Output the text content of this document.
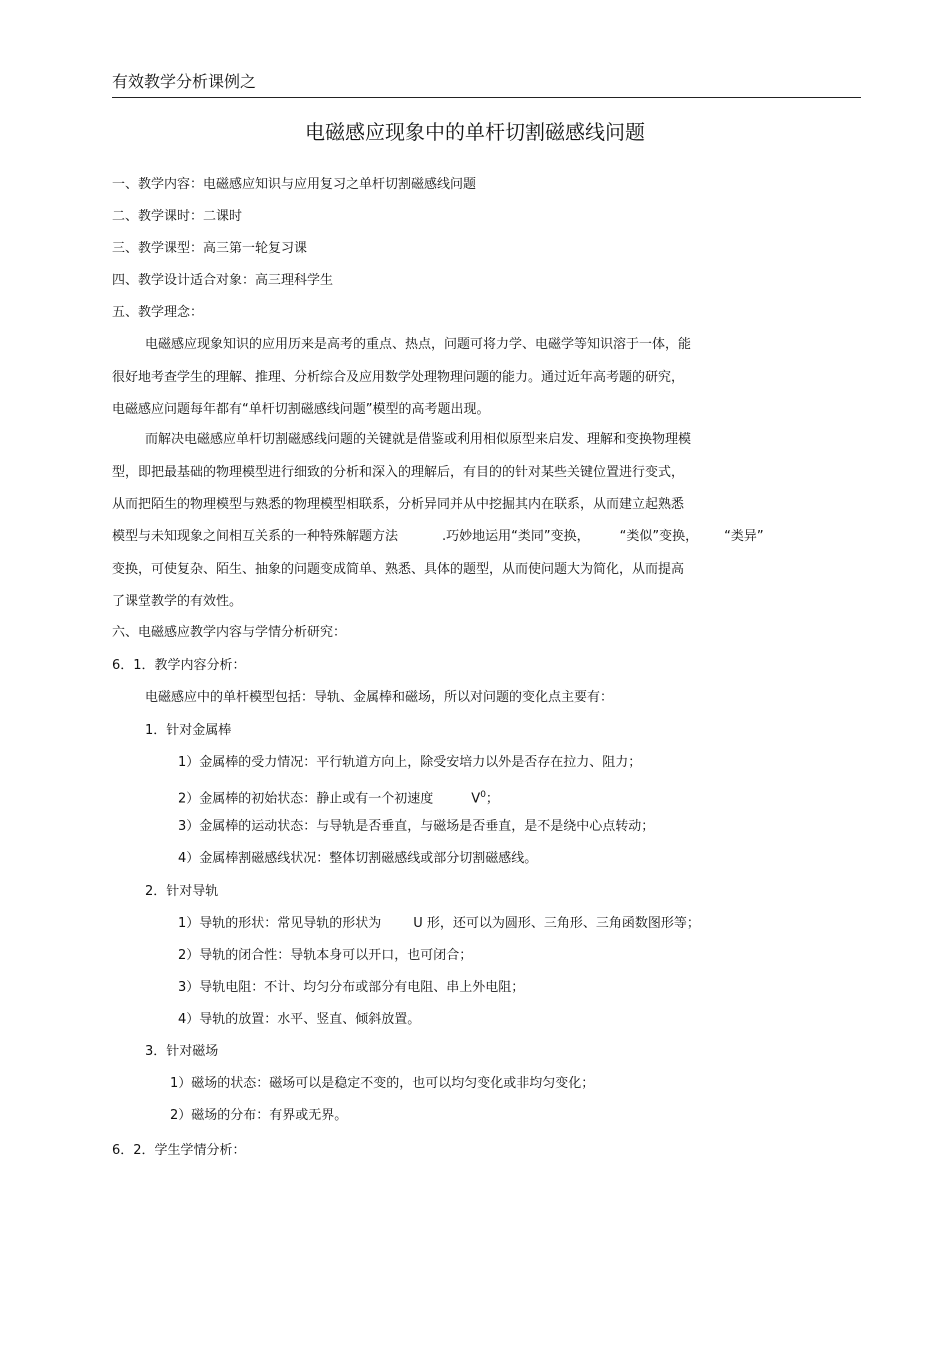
有效教学分析课例之
电磁感应现象中的单杆切割磁感线问题
一、教学内容：电磁感应知识与应用复习之单杆切割磁感线问题
二、教学课时：二课时
三、教学课型：高三第一轮复习课
四、教学设计适合对象：高三理科学生
五、教学理念：
电磁感应现象知识的应用历来是高考的重点、热点，问题可将力学、电磁学等知识溶于一体，能
很好地考查学生的理解、推理、分析综合及应用数学处理物理问题的能力。通过近年高考题的研究，
电磁感应问题每年都有“单杆切割磁感线问题”模型的高考题出现。
而解决电磁感应单杆切割磁感线问题的关键就是借鉴或利用相似原型来启发、理解和变换物理模
型，即把最基础的物理模型进行细致的分析和深入的理解后，有目的的针对某些关键位置进行变式，
从而把陌生的物理模型与熟悉的物理模型相联系，分析异同并从中挖掘其内在联系，从而建立起熟悉
模型与未知现象之间相互关系的一种特殊解题方法	.巧妙地运用“类同”变换， “类似”变换， “类异”
变换，可使复杂、陌生、抽象的问题变成简单、熟悉、具体的题型，从而使问题大为简化，从而提高
了课堂教学的有效性。
六、电磁感应教学内容与学情分析研究：
6．1．教学内容分析：
电磁感应中的单杆模型包括：导轨、金属棒和磁场，所以对问题的变化点主要有：
1．针对金属棒
1）金属棒的受力情况：平行轨道方向上，除受安培力以外是否存在拉力、阻力；
2）金属棒的初始状态：静止或有一个初速度	$V^0$；
3）金属棒的运动状态：与导轨是否垂直，与磁场是否垂直，是不是绕中心点转动；
4）金属棒割磁感线状况：整体切割磁感线或部分切割磁感线。
2．针对导轨
1）导轨的形状：常见导轨的形状为 U 形，还可以为圆形、三角形、三角函数图形等；
2）导轨的闭合性：导轨本身可以开口，也可闭合；
3）导轨电阻：不计、均匀分布或部分有电阻、串上外电阻；
4）导轨的放置：水平、竖直、倾斜放置。
3．针对磁场
1）磁场的状态：磁场可以是稳定不变的，也可以均匀变化或非均匀变化；
2）磁场的分布：有界或无界。
6．2．学生学情分析：
